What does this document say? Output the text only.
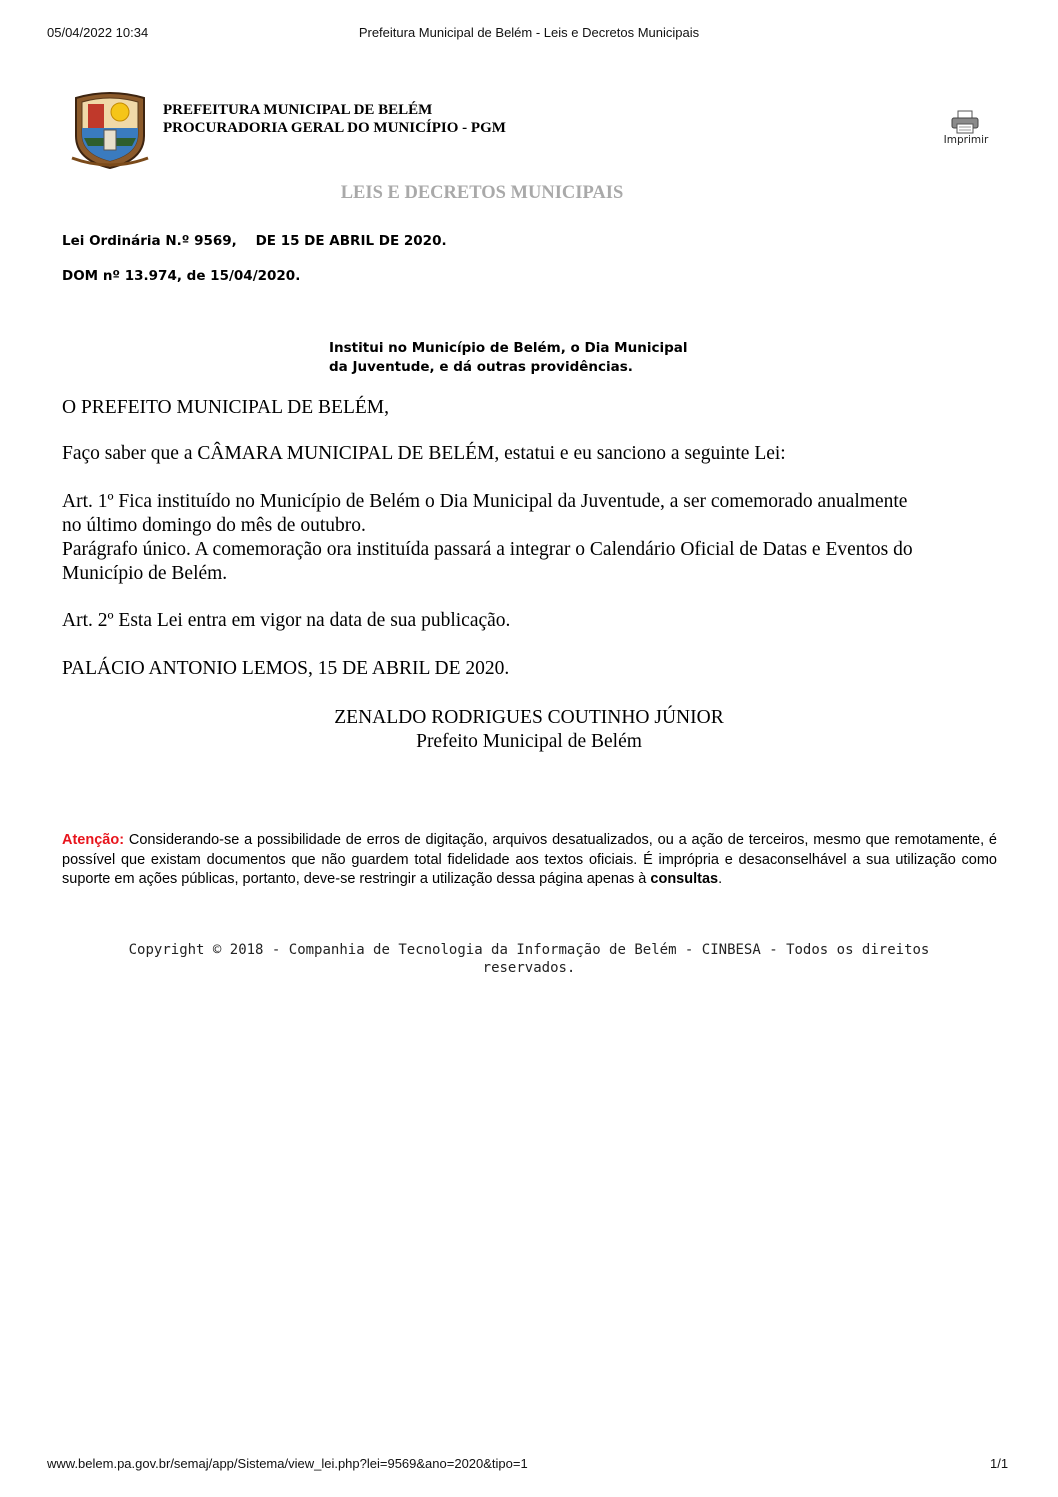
05/04/2022 10:34	Prefeitura Municipal de Belém - Leis e Decretos Municipais
PREFEITURA MUNICIPAL DE BELÉM
PROCURADORIA GERAL DO MUNICÍPIO - PGM
Imprimir
LEIS E DECRETOS MUNICIPAIS
Lei Ordinária N.º 9569,    DE 15 DE ABRIL DE 2020.
DOM nº 13.974, de 15/04/2020.
Institui no Município de Belém, o Dia Municipal
da Juventude, e dá outras providências.
O PREFEITO MUNICIPAL DE BELÉM,
Faço saber que a CÂMARA MUNICIPAL DE BELÉM, estatui e eu sanciono a seguinte Lei:
Art. 1º Fica instituído no Município de Belém o Dia Municipal da Juventude, a ser comemorado anualmente
no último domingo do mês de outubro.
Parágrafo único. A comemoração ora instituída passará a integrar o Calendário Oficial de Datas e Eventos do
Município de Belém.
Art. 2º Esta Lei entra em vigor na data de sua publicação.
PALÁCIO ANTONIO LEMOS, 15 DE ABRIL DE 2020.
ZENALDO RODRIGUES COUTINHO JÚNIOR
Prefeito Municipal de Belém
Atenção: Considerando-se a possibilidade de erros de digitação, arquivos desatualizados, ou a ação de terceiros, mesmo que remotamente, é possível que existam documentos que não guardem total fidelidade aos textos oficiais. É imprópria e desaconselhável a sua utilização como suporte em ações públicas, portanto, deve-se restringir a utilização dessa página apenas à consultas.
Copyright © 2018 - Companhia de Tecnologia da Informação de Belém - CINBESA - Todos os direitos
reservados.
www.belem.pa.gov.br/semaj/app/Sistema/view_lei.php?lei=9569&ano=2020&tipo=1	1/1
